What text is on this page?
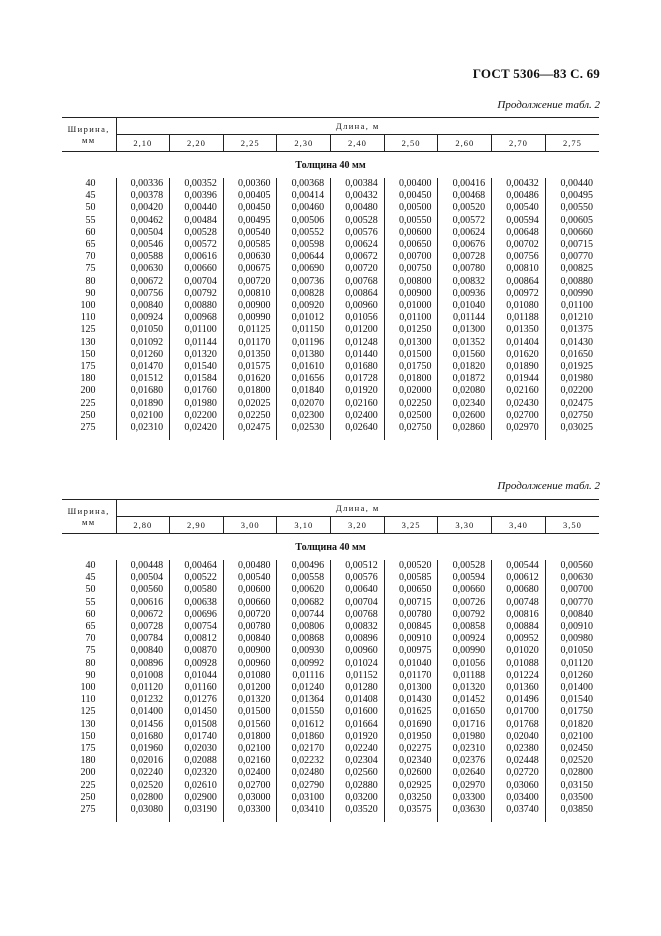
ГОСТ 5306—83 С. 69
Продолжение табл. 2
Ширина, мм	Длина, м								
	2,10	2,20	2,25	2,30	2,40	2,50	2,60	2,70	2,75
Толщина 40 мм									
40	0,00336	0,00352	0,00360	0,00368	0,00384	0,00400	0,00416	0,00432	0,00440
45	0,00378	0,00396	0,00405	0,00414	0,00432	0,00450	0,00468	0,00486	0,00495
50	0,00420	0,00440	0,00450	0,00460	0,00480	0,00500	0,00520	0,00540	0,00550
55	0,00462	0,00484	0,00495	0,00506	0,00528	0,00550	0,00572	0,00594	0,00605
60	0,00504	0,00528	0,00540	0,00552	0,00576	0,00600	0,00624	0,00648	0,00660
65	0,00546	0,00572	0,00585	0,00598	0,00624	0,00650	0,00676	0,00702	0,00715
70	0,00588	0,00616	0,00630	0,00644	0,00672	0,00700	0,00728	0,00756	0,00770
75	0,00630	0,00660	0,00675	0,00690	0,00720	0,00750	0,00780	0,00810	0,00825
80	0,00672	0,00704	0,00720	0,00736	0,00768	0,00800	0,00832	0,00864	0,00880
90	0,00756	0,00792	0,00810	0,00828	0,00864	0,00900	0,00936	0,00972	0,00990
100	0,00840	0,00880	0,00900	0,00920	0,00960	0,01000	0,01040	0,01080	0,01100
110	0,00924	0,00968	0,00990	0,01012	0,01056	0,01100	0,01144	0,01188	0,01210
125	0,01050	0,01100	0,01125	0,01150	0,01200	0,01250	0,01300	0,01350	0,01375
130	0,01092	0,01144	0,01170	0,01196	0,01248	0,01300	0,01352	0,01404	0,01430
150	0,01260	0,01320	0,01350	0,01380	0,01440	0,01500	0,01560	0,01620	0,01650
175	0,01470	0,01540	0,01575	0,01610	0,01680	0,01750	0,01820	0,01890	0,01925
180	0,01512	0,01584	0,01620	0,01656	0,01728	0,01800	0,01872	0,01944	0,01980
200	0,01680	0,01760	0,01800	0,01840	0,01920	0,02000	0,02080	0,02160	0,02200
225	0,01890	0,01980	0,02025	0,02070	0,02160	0,02250	0,02340	0,02430	0,02475
250	0,02100	0,02200	0,02250	0,02300	0,02400	0,02500	0,02600	0,02700	0,02750
275	0,02310	0,02420	0,02475	0,02530	0,02640	0,02750	0,02860	0,02970	0,03025

Продолжение табл. 2
Ширина, мм	Длина, м								
	2,80	2,90	3,00	3,10	3,20	3,25	3,30	3,40	3,50
Толщина 40 мм									
40	0,00448	0,00464	0,00480	0,00496	0,00512	0,00520	0,00528	0,00544	0,00560
45	0,00504	0,00522	0,00540	0,00558	0,00576	0,00585	0,00594	0,00612	0,00630
50	0,00560	0,00580	0,00600	0,00620	0,00640	0,00650	0,00660	0,00680	0,00700
55	0,00616	0,00638	0,00660	0,00682	0,00704	0,00715	0,00726	0,00748	0,00770
60	0,00672	0,00696	0,00720	0,00744	0,00768	0,00780	0,00792	0,00816	0,00840
65	0,00728	0,00754	0,00780	0,00806	0,00832	0,00845	0,00858	0,00884	0,00910
70	0,00784	0,00812	0,00840	0,00868	0,00896	0,00910	0,00924	0,00952	0,00980
75	0,00840	0,00870	0,00900	0,00930	0,00960	0,00975	0,00990	0,01020	0,01050
80	0,00896	0,00928	0,00960	0,00992	0,01024	0,01040	0,01056	0,01088	0,01120
90	0,01008	0,01044	0,01080	0,01116	0,01152	0,01170	0,01188	0,01224	0,01260
100	0,01120	0,01160	0,01200	0,01240	0,01280	0,01300	0,01320	0,01360	0,01400
110	0,01232	0,01276	0,01320	0,01364	0,01408	0,01430	0,01452	0,01496	0,01540
125	0,01400	0,01450	0,01500	0,01550	0,01600	0,01625	0,01650	0,01700	0,01750
130	0,01456	0,01508	0,01560	0,01612	0,01664	0,01690	0,01716	0,01768	0,01820
150	0,01680	0,01740	0,01800	0,01860	0,01920	0,01950	0,01980	0,02040	0,02100
175	0,01960	0,02030	0,02100	0,02170	0,02240	0,02275	0,02310	0,02380	0,02450
180	0,02016	0,02088	0,02160	0,02232	0,02304	0,02340	0,02376	0,02448	0,02520
200	0,02240	0,02320	0,02400	0,02480	0,02560	0,02600	0,02640	0,02720	0,02800
225	0,02520	0,02610	0,02700	0,02790	0,02880	0,02925	0,02970	0,03060	0,03150
250	0,02800	0,02900	0,03000	0,03100	0,03200	0,03250	0,03300	0,03400	0,03500
275	0,03080	0,03190	0,03300	0,03410	0,03520	0,03575	0,03630	0,03740	0,03850
